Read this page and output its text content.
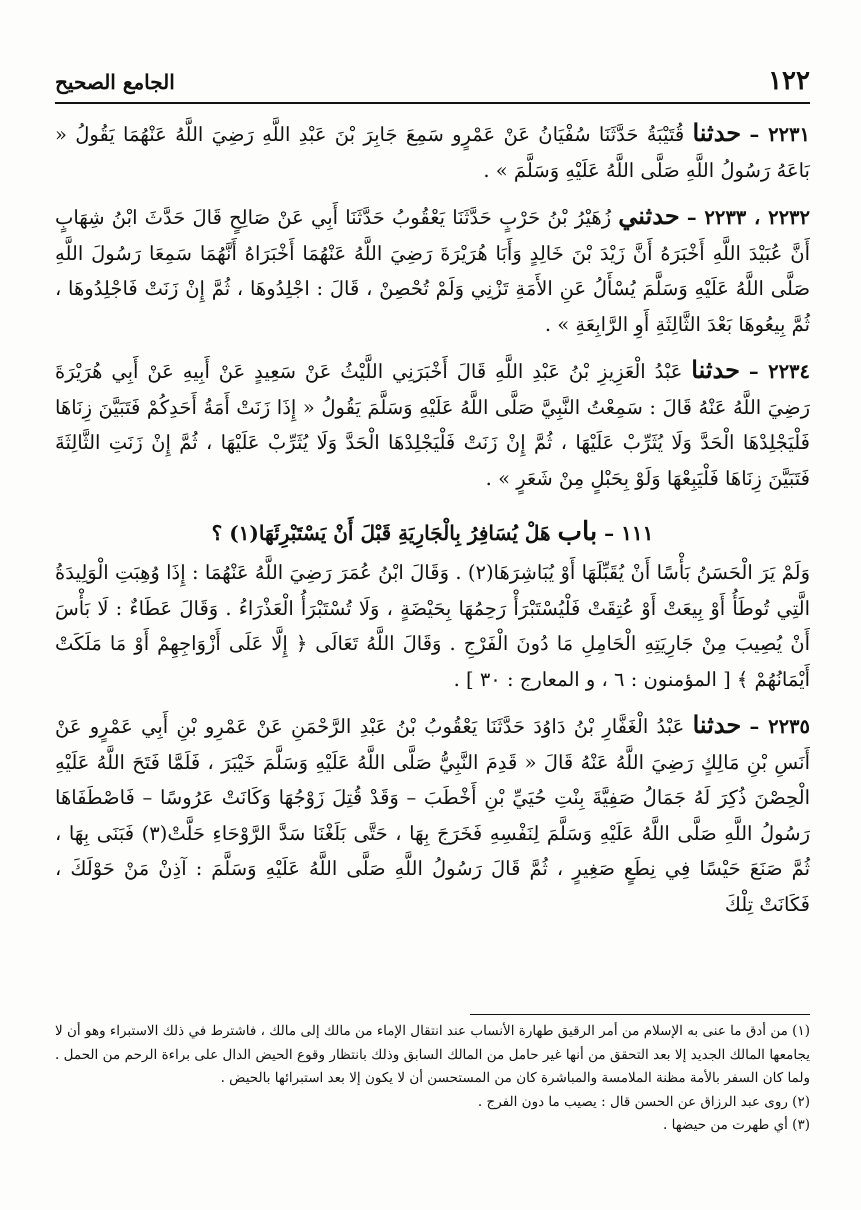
١٢٢
الجامع الصحيح

٢٢٣١ – حدثنا قُتَيْبَةُ حَدَّثَنَا سُفْيَانُ عَنْ عَمْرٍو سَمِعَ جَابِرَ بْنَ عَبْدِ اللَّهِ رَضِيَ اللَّهُ عَنْهُمَا يَقُولُ « بَاعَهُ رَسُولُ اللَّهِ صَلَّى اللَّهُ عَلَيْهِ وَسَلَّمَ » .

٢٢٣٢ ، ٢٢٣٣ – حدثني زُهَيْرُ بْنُ حَرْبٍ حَدَّثَنَا يَعْقُوبُ حَدَّثَنَا أَبِي عَنْ صَالِحٍ قَالَ حَدَّثَ ابْنُ شِهَابٍ أَنَّ عُبَيْدَ اللَّهِ أَخْبَرَهُ أَنَّ زَيْدَ بْنَ خَالِدٍ وَأَبَا هُرَيْرَةَ رَضِيَ اللَّهُ عَنْهُمَا أَخْبَرَاهُ أَنَّهُمَا سَمِعَا رَسُولَ اللَّهِ صَلَّى اللَّهُ عَلَيْهِ وَسَلَّمَ يُسْأَلُ عَنِ الأَمَةِ تَزْنِي وَلَمْ تُحْصِنْ ، قَالَ : اجْلِدُوهَا ، ثُمَّ إِنْ زَنَتْ فَاجْلِدُوهَا ، ثُمَّ بِيعُوهَا بَعْدَ الثَّالِثَةِ أَوِ الرَّابِعَةِ » .

٢٢٣٤ – حدثنا عَبْدُ الْعَزِيزِ بْنُ عَبْدِ اللَّهِ قَالَ أَخْبَرَنِي اللَّيْثُ عَنْ سَعِيدٍ عَنْ أَبِيهِ عَنْ أَبِي هُرَيْرَةَ رَضِيَ اللَّهُ عَنْهُ قَالَ : سَمِعْتُ النَّبِيَّ صَلَّى اللَّهُ عَلَيْهِ وَسَلَّمَ يَقُولُ « إِذَا زَنَتْ أَمَةُ أَحَدِكُمْ فَتَبَيَّنَ زِنَاهَا فَلْيَجْلِدْهَا الْحَدَّ وَلَا يُثَرِّبْ عَلَيْهَا ، ثُمَّ إِنْ زَنَتْ فَلْيَجْلِدْهَا الْحَدَّ وَلَا يُثَرِّبْ عَلَيْهَا ، ثُمَّ إِنْ زَنَتِ الثَّالِثَةَ فَتَبَيَّنَ زِنَاهَا فَلْيَبِعْهَا وَلَوْ بِحَبْلٍ مِنْ شَعَرٍ » .

١١١ – باب هَلْ يُسَافِرُ بِالْجَارِيَةِ قَبْلَ أَنْ يَسْتَبْرِئَهَا(١) ؟

وَلَمْ يَرَ الْحَسَنُ بَأْسًا أَنْ يُقَبِّلَهَا أَوْ يُبَاشِرَهَا(٢) . وَقَالَ ابْنُ عُمَرَ رَضِيَ اللَّهُ عَنْهُمَا : إِذَا وُهِبَتِ الْوَلِيدَةُ الَّتِي تُوطَأُ أَوْ بِيعَتْ أَوْ عُتِقَتْ فَلْيُسْتَبْرَأْ رَحِمُهَا بِحَيْضَةٍ ، وَلَا تُسْتَبْرَأُ الْعَذْرَاءُ . وَقَالَ عَطَاءٌ : لَا بَأْسَ أَنْ يُصِيبَ مِنْ جَارِيَتِهِ الْحَامِلِ مَا دُونَ الْفَرْجِ . وَقَالَ اللَّهُ تَعَالَى ﴿ إِلَّا عَلَى أَزْوَاجِهِمْ أَوْ مَا مَلَكَتْ أَيْمَانُهُمْ ﴾ [ المؤمنون : ٦ ، و المعارج : ٣٠ ] .

٢٢٣٥ – حدثنا عَبْدُ الْغَفَّارِ بْنُ دَاوُدَ حَدَّثَنَا يَعْقُوبُ بْنُ عَبْدِ الرَّحْمَنِ عَنْ عَمْرِو بْنِ أَبِي عَمْرٍو عَنْ أَنَسِ بْنِ مَالِكٍ رَضِيَ اللَّهُ عَنْهُ قَالَ « قَدِمَ النَّبِيُّ صَلَّى اللَّهُ عَلَيْهِ وَسَلَّمَ خَيْبَرَ ، فَلَمَّا فَتَحَ اللَّهُ عَلَيْهِ الْحِصْنَ ذُكِرَ لَهُ جَمَالُ صَفِيَّةَ بِنْتِ حُيَيِّ بْنِ أَخْطَبَ – وَقَدْ قُتِلَ زَوْجُهَا وَكَانَتْ عَرُوسًا – فَاصْطَفَاهَا رَسُولُ اللَّهِ صَلَّى اللَّهُ عَلَيْهِ وَسَلَّمَ لِنَفْسِهِ فَخَرَجَ بِهَا ، حَتَّى بَلَغْنَا سَدَّ الرَّوْحَاءِ حَلَّتْ(٣) فَبَنَى بِهَا ، ثُمَّ صَنَعَ حَيْسًا فِي نِطَعٍ صَغِيرٍ ، ثُمَّ قَالَ رَسُولُ اللَّهِ صَلَّى اللَّهُ عَلَيْهِ وَسَلَّمَ : آذِنْ مَنْ حَوْلَكَ ، فَكَانَتْ تِلْكَ

(١) من أدق ما عنى به الإسلام من أمر الرقيق طهارة الأنساب عند انتقال الإماء من مالك إلى مالك ، فاشترط في ذلك الاستبراء وهو أن لا يجامعها المالك الجديد إلا بعد التحقق من أنها غير حامل من المالك السابق وذلك بانتظار وقوع الحيض الدال على براءة الرحم من الحمل . ولما كان السفر بالأمة مظنة الملامسة والمباشرة كان من المستحسن أن لا يكون إلا بعد استبرائها بالحيض .

(٢) روى عبد الرزاق عن الحسن قال : يصيب ما دون الفرج .

(٣) أي طهرت من حيضها .
